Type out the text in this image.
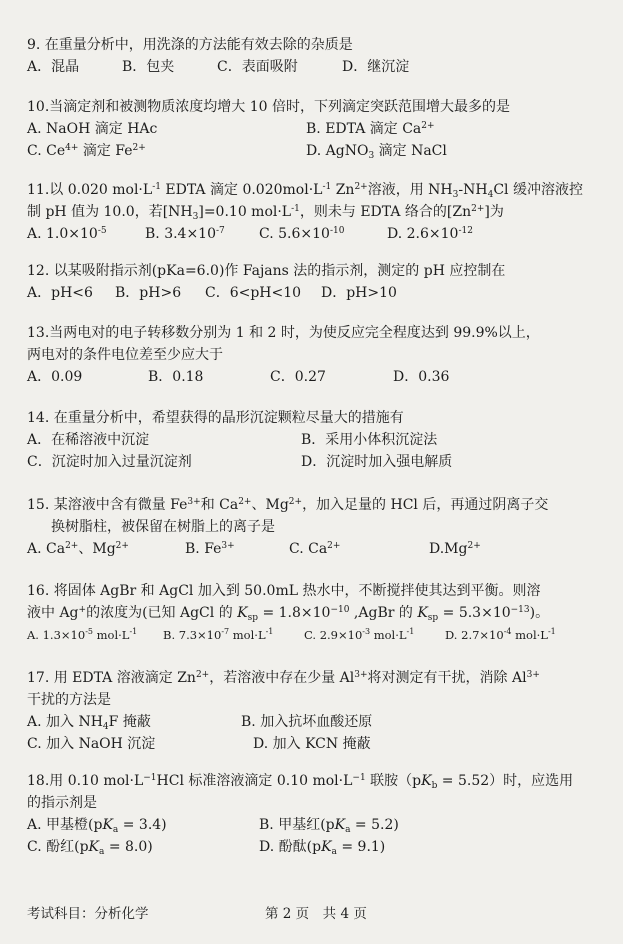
9. 在重量分析中，用洗涤的方法能有效去除的杂质是
A．混晶	B．包夹	C．表面吸附	D．继沉淀
10.当滴定剂和被测物质浓度均增大 10 倍时，下列滴定突跃范围增大最多的是
A. NaOH 滴定 HAc	B. EDTA 滴定 $Ca^{2+}$
C. $Ce^{4+}$ 滴定 $Fe^{2+}$	D. AgNO$_3$ 滴定 NaCl
11.以 0.020 $mol\cdot L^{-1}$ EDTA 滴定 $0.020mol\cdot L^{-1}$ $Zn^{2+}$溶液，用 $NH_3-NH_4Cl$ 缓冲溶液控
制 pH 值为 10.0，若$[NH_3]=0.10$ $mol\cdot L^{-1}$，则未与 EDTA 络合的$[Zn^{2+}]$为
A. $1.0\times 10^{-5}$	B. $3.4\times 10^{-7}$ C. $5.6\times 10^{-10}$	D. $2.6\times 10^{-12}$
12. 以某吸附指示剂(pKa=6.0)作 Fajans 法的指示剂，测定的 pH 应控制在
A．pH<6 B．pH>6 C．6<pH<10 D．pH>10
13.当两电对的电子转移数分别为 1 和 2 时，为使反应完全程度达到 99.9%以上，
两电对的条件电位差至少应大于
A．0.09	B．0.18	C．0.27	D．0.36
14. 在重量分析中，希望获得的晶形沉淀颗粒尽量大的措施有
A．在稀溶液中沉淀	B．采用小体积沉淀法
C．沉淀时加入过量沉淀剂	D．沉淀时加入强电解质
15. 某溶液中含有微量 $Fe^{3+}$和 $Ca^{2+}$、$Mg^{2+}$，加入足量的 HCl 后，再通过阴离子交
换树脂柱，被保留在树脂上的离子是
A. $Ca^{2+}$、$Mg^{2+}$	B. $Fe^{3+}$	C. $Ca^{2+}$	$D.Mg^{2+}$
16. 将固体 AgBr 和 AgCl 加入到 50.0mL 热水中，不断搅拌使其达到平衡。则溶
液中 Ag+的浓度为(已知 AgCl 的 $K_{sp} = 1.8\times 10^{-10}$ ,AgBr 的 $K_{sp} = 5.3\times 10^{-13}$)。
A. $1.3\times 10^{-5}$ $mol\cdot L^{-1}$ B. $7.3\times 10^{-7}$ $mol\cdot L^{-1}$	C. $2.9\times 10^{-3}$ $mol\cdot L^{-1}$	D. $2.7\times 10^{-4}$ $mol\cdot L^{-1}$
17. 用 EDTA 溶液滴定 $Zn^{2+}$，若溶液中存在少量 $Al^{3+}$将对测定有干扰，消除 $Al^{3+}$
干扰的方法是
A. 加入 $NH_4F$ 掩蔽	B. 加入抗坏血酸还原
C. 加入 NaOH 沉淀	D. 加入 KCN 掩蔽
18.用 0.10 $mol\cdot L^{-1}HCl$ 标准溶液滴定 0.10 $mol\cdot L^{-1}$ 联胺$(pK_b = 5.52)$时，应选用
的指示剂是
A. 甲基橙$(pK_a = 3.4)$	B. 甲基红$(pK_a = 5.2)$
C. 酚红$(pK_a = 8.0)$	D. 酚酞$(pK_a = 9.1)$
考试科目：分析化学	第 2 页　共 4 页
